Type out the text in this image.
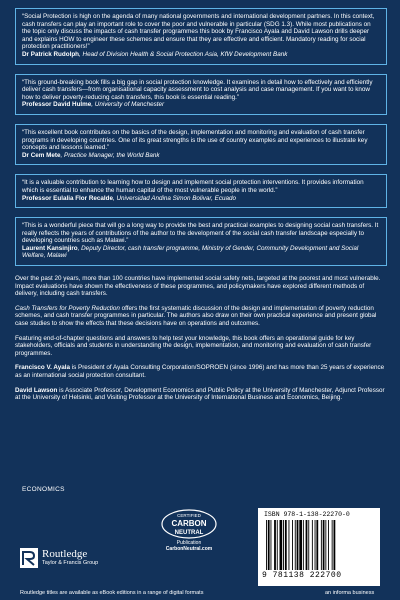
“Social Protection is high on the agenda of many national governments and international development partners. In this context, cash transfers can play an important role to cover the poor and vulnerable in particular (SDG 1.3). While most publications on the topic only discuss the impacts of cash transfer programmes this book by Francisco Ayala and David Lawson drills deeper and explains HOW to engineer these schemes and ensure that they are effective and efficient. Mandatory reading for social protection practitioners!”

Dr Patrick Rudolph, Head of Division Health & Social Protection Asia, KfW Development Bank

“This ground-breaking book fills a big gap in social protection knowledge. It examines in detail how to effectively and efficiently deliver cash transfers—from organisational capacity assessment to cost analysis and case management. If you want to know how to deliver poverty-reducing cash transfers, this book is essential reading.”

Professor David Hulme, University of Manchester

“This excellent book contributes on the basics of the design, implementation and monitoring and evaluation of cash transfer programs in developing countries. One of its great strengths is the use of country examples and experiences to illustrate key concepts and lessons learned.”

Dr Cem Mete, Practice Manager, the World Bank

“It is a valuable contribution to learning how to design and implement social protection interventions. It provides information which is essential to enhance the human capital of the most vulnerable people in the world.”

Professor Eulalia Flor Recalde, Universidad Andina Simon Bolivar, Ecuado

“This is a wonderful piece that will go a long way to provide the best and practical examples to designing social cash transfers. It really reflects the years of contributions of the author to the development of the social cash transfer landscape especially to developing countries such as Malawi.”

Laurent Kansinjiro, Deputy Director, cash transfer programme, Ministry of Gender, Community Development and Social Welfare, Malawi

Over the past 20 years, more than 100 countries have implemented social safety nets, targeted at the poorest and most vulnerable. Impact evaluations have shown the effectiveness of these programmes, and policymakers have explored different methods of delivery, including cash transfers.

Cash Transfers for Poverty Reduction offers the first systematic discussion of the design and implementation of poverty reduction schemes, and cash transfer programmes in particular. The authors also draw on their own practical experience and present global case studies to show the effects that these decisions have on operations and outcomes.

Featuring end-of-chapter questions and answers to help test your knowledge, this book offers an operational guide for key stakeholders, officials and students in understanding the design, implementation, and monitoring and evaluation of cash transfer programmes.

Francisco V. Ayala is President of Ayala Consulting Corporation/SOPROEN (since 1996) and has more than 25 years of experience as an international social protection consultant.

David Lawson is Associate Professor, Development Economics and Public Policy at the University of Manchester, Adjunct Professor at the University of Helsinki, and Visiting Professor at the University of International Business and Economics, Beijing.

ECONOMICS
Routledge
Taylor & Francis Group
CERTIFIED
CARBON
NEUTRAL
Publication
CarbonNeutral.com
ISBN 978-1-138-22270-0
9 781138 222700
an informa business
Routledge titles are available as eBook editions in a range of digital formats
